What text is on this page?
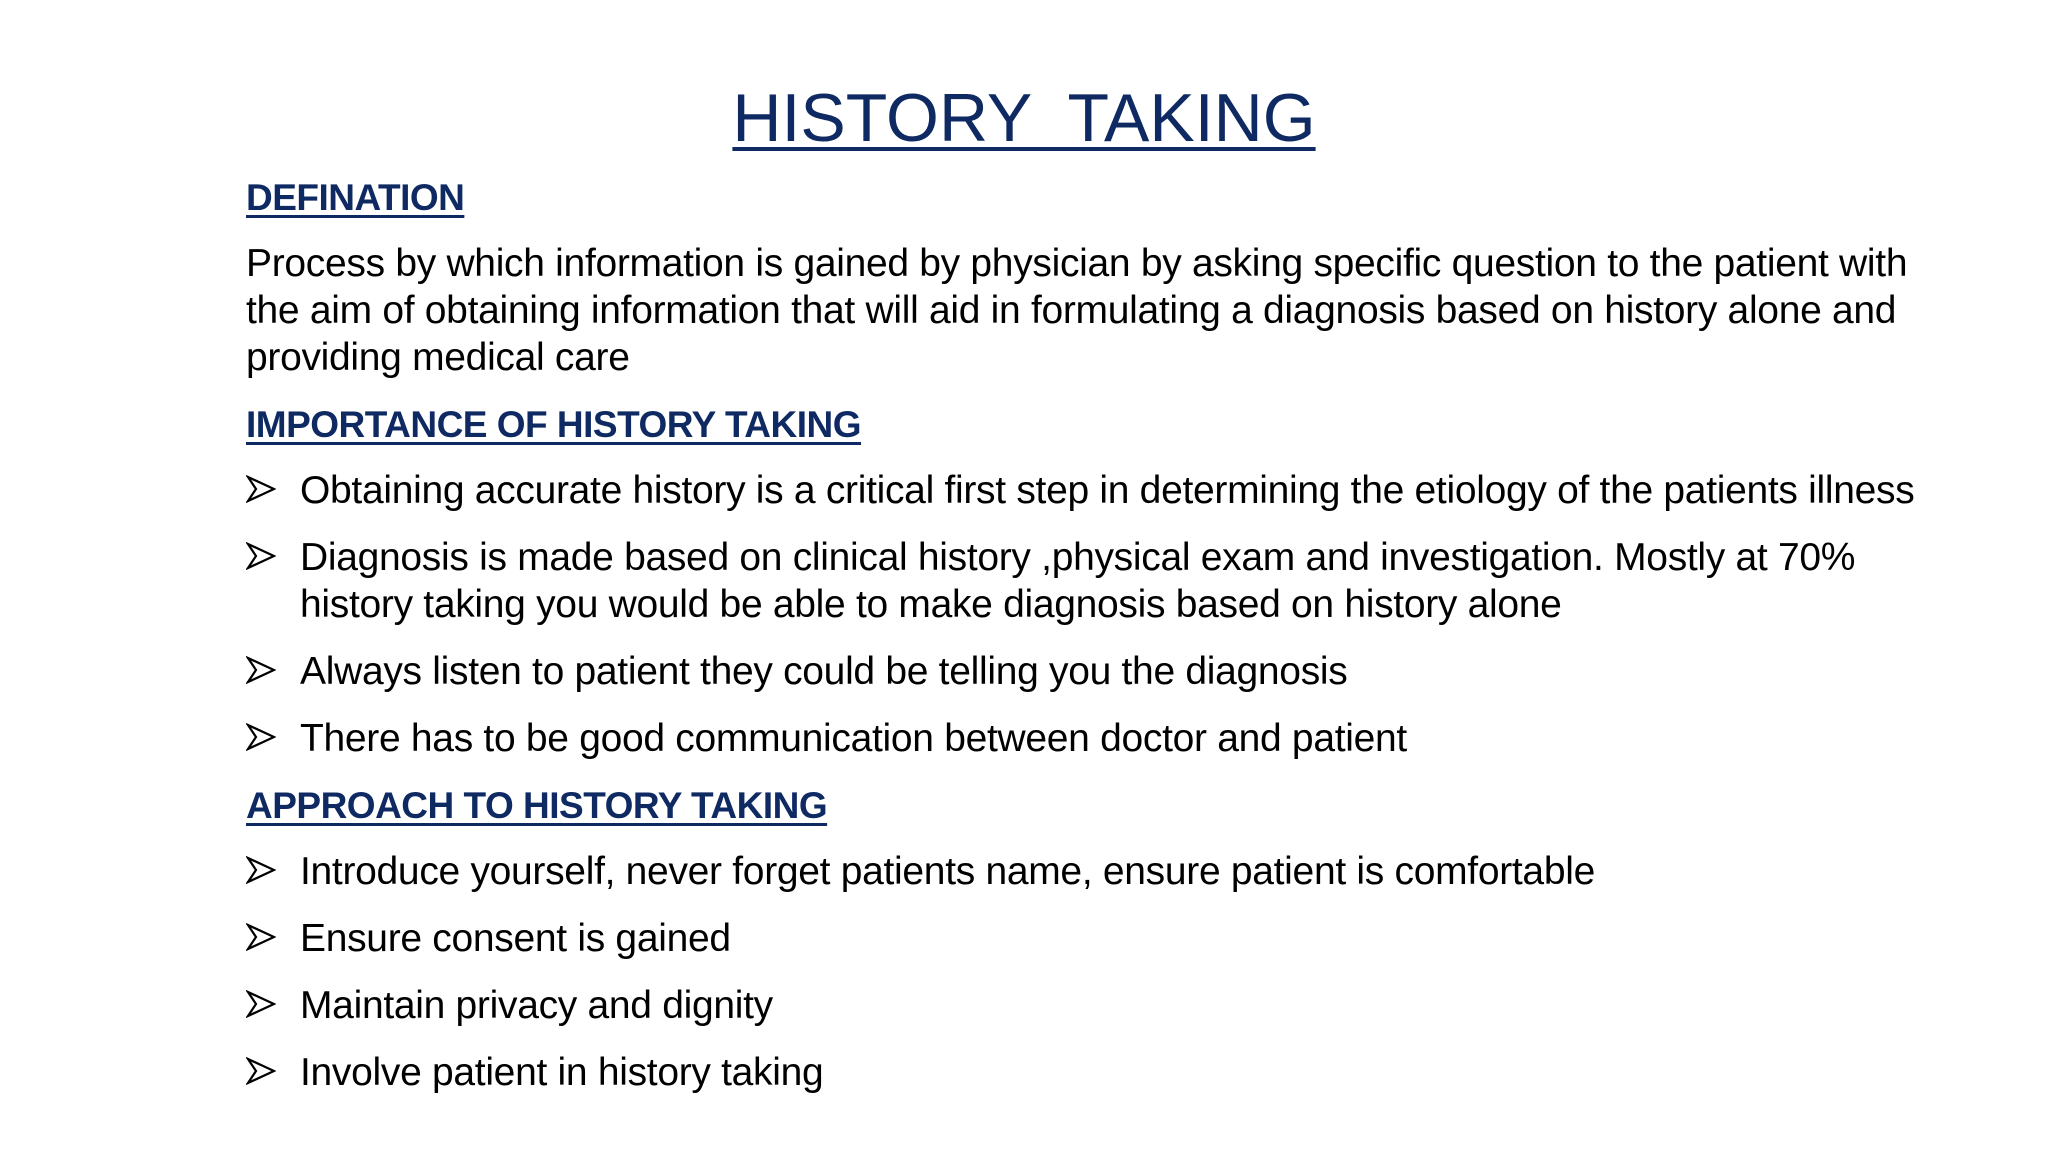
HISTORY  TAKING
DEFINATION
Process by which information is gained by physician by asking specific question to the patient with the aim of obtaining information that will aid in formulating a diagnosis based on history alone and providing medical care
IMPORTANCE OF HISTORY TAKING
Obtaining accurate history is a critical first step in determining the etiology of the patients illness
Diagnosis is made based on clinical history ,physical exam and investigation. Mostly at 70% history taking you would be able to make diagnosis based on history alone
Always listen to patient they could be telling you the diagnosis
There has to be good communication between doctor and patient
APPROACH TO HISTORY TAKING
Introduce yourself, never forget patients name, ensure patient is comfortable
Ensure consent is gained
Maintain privacy and dignity
Involve patient in history taking
